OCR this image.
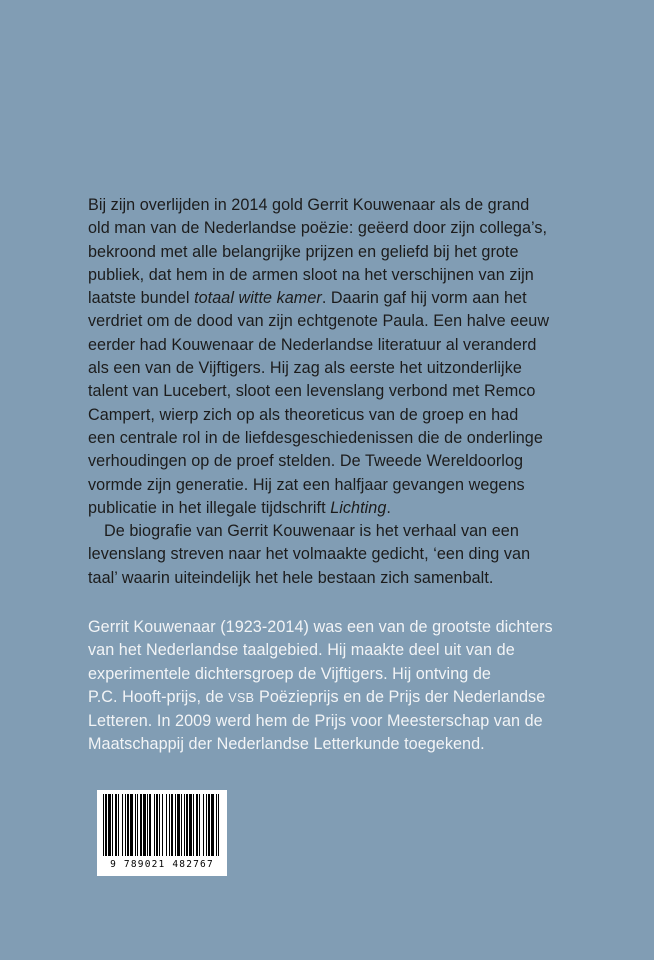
Bij zijn overlijden in 2014 gold Gerrit Kouwenaar als de grand
old man van de Nederlandse poëzie: geëerd door zijn collega’s,
bekroond met alle belangrijke prijzen en geliefd bij het grote
publiek, dat hem in de armen sloot na het verschijnen van zijn
laatste bundel totaal witte kamer. Daarin gaf hij vorm aan het
verdriet om de dood van zijn echtgenote Paula. Een halve eeuw
eerder had Kouwenaar de Nederlandse literatuur al veranderd
als een van de Vijftigers. Hij zag als eerste het uitzonderlijke
talent van Lucebert, sloot een levenslang verbond met Remco
Campert, wierp zich op als theoreticus van de groep en had
een centrale rol in de liefdesgeschiedenissen die de onderlinge
verhoudingen op de proef stelden. De Tweede Wereldoorlog
vormde zijn generatie. Hij zat een halfjaar gevangen wegens
publicatie in het illegale tijdschrift Lichting.

De biografie van Gerrit Kouwenaar is het verhaal van een
levenslang streven naar het volmaakte gedicht, ‘een ding van
taal’ waarin uiteindelijk het hele bestaan zich samenbalt.

Gerrit Kouwenaar (1923-2014) was een van de grootste dichters
van het Nederlandse taalgebied. Hij maakte deel uit van de
experimentele dichtersgroep de Vijftigers. Hij ontving de
P.C. Hooft-prijs, de VSB Poëzieprijs en de Prijs der Nederlandse
Letteren. In 2009 werd hem de Prijs voor Meesterschap van de
Maatschappij der Nederlandse Letterkunde toegekend.
9 789021 482767
